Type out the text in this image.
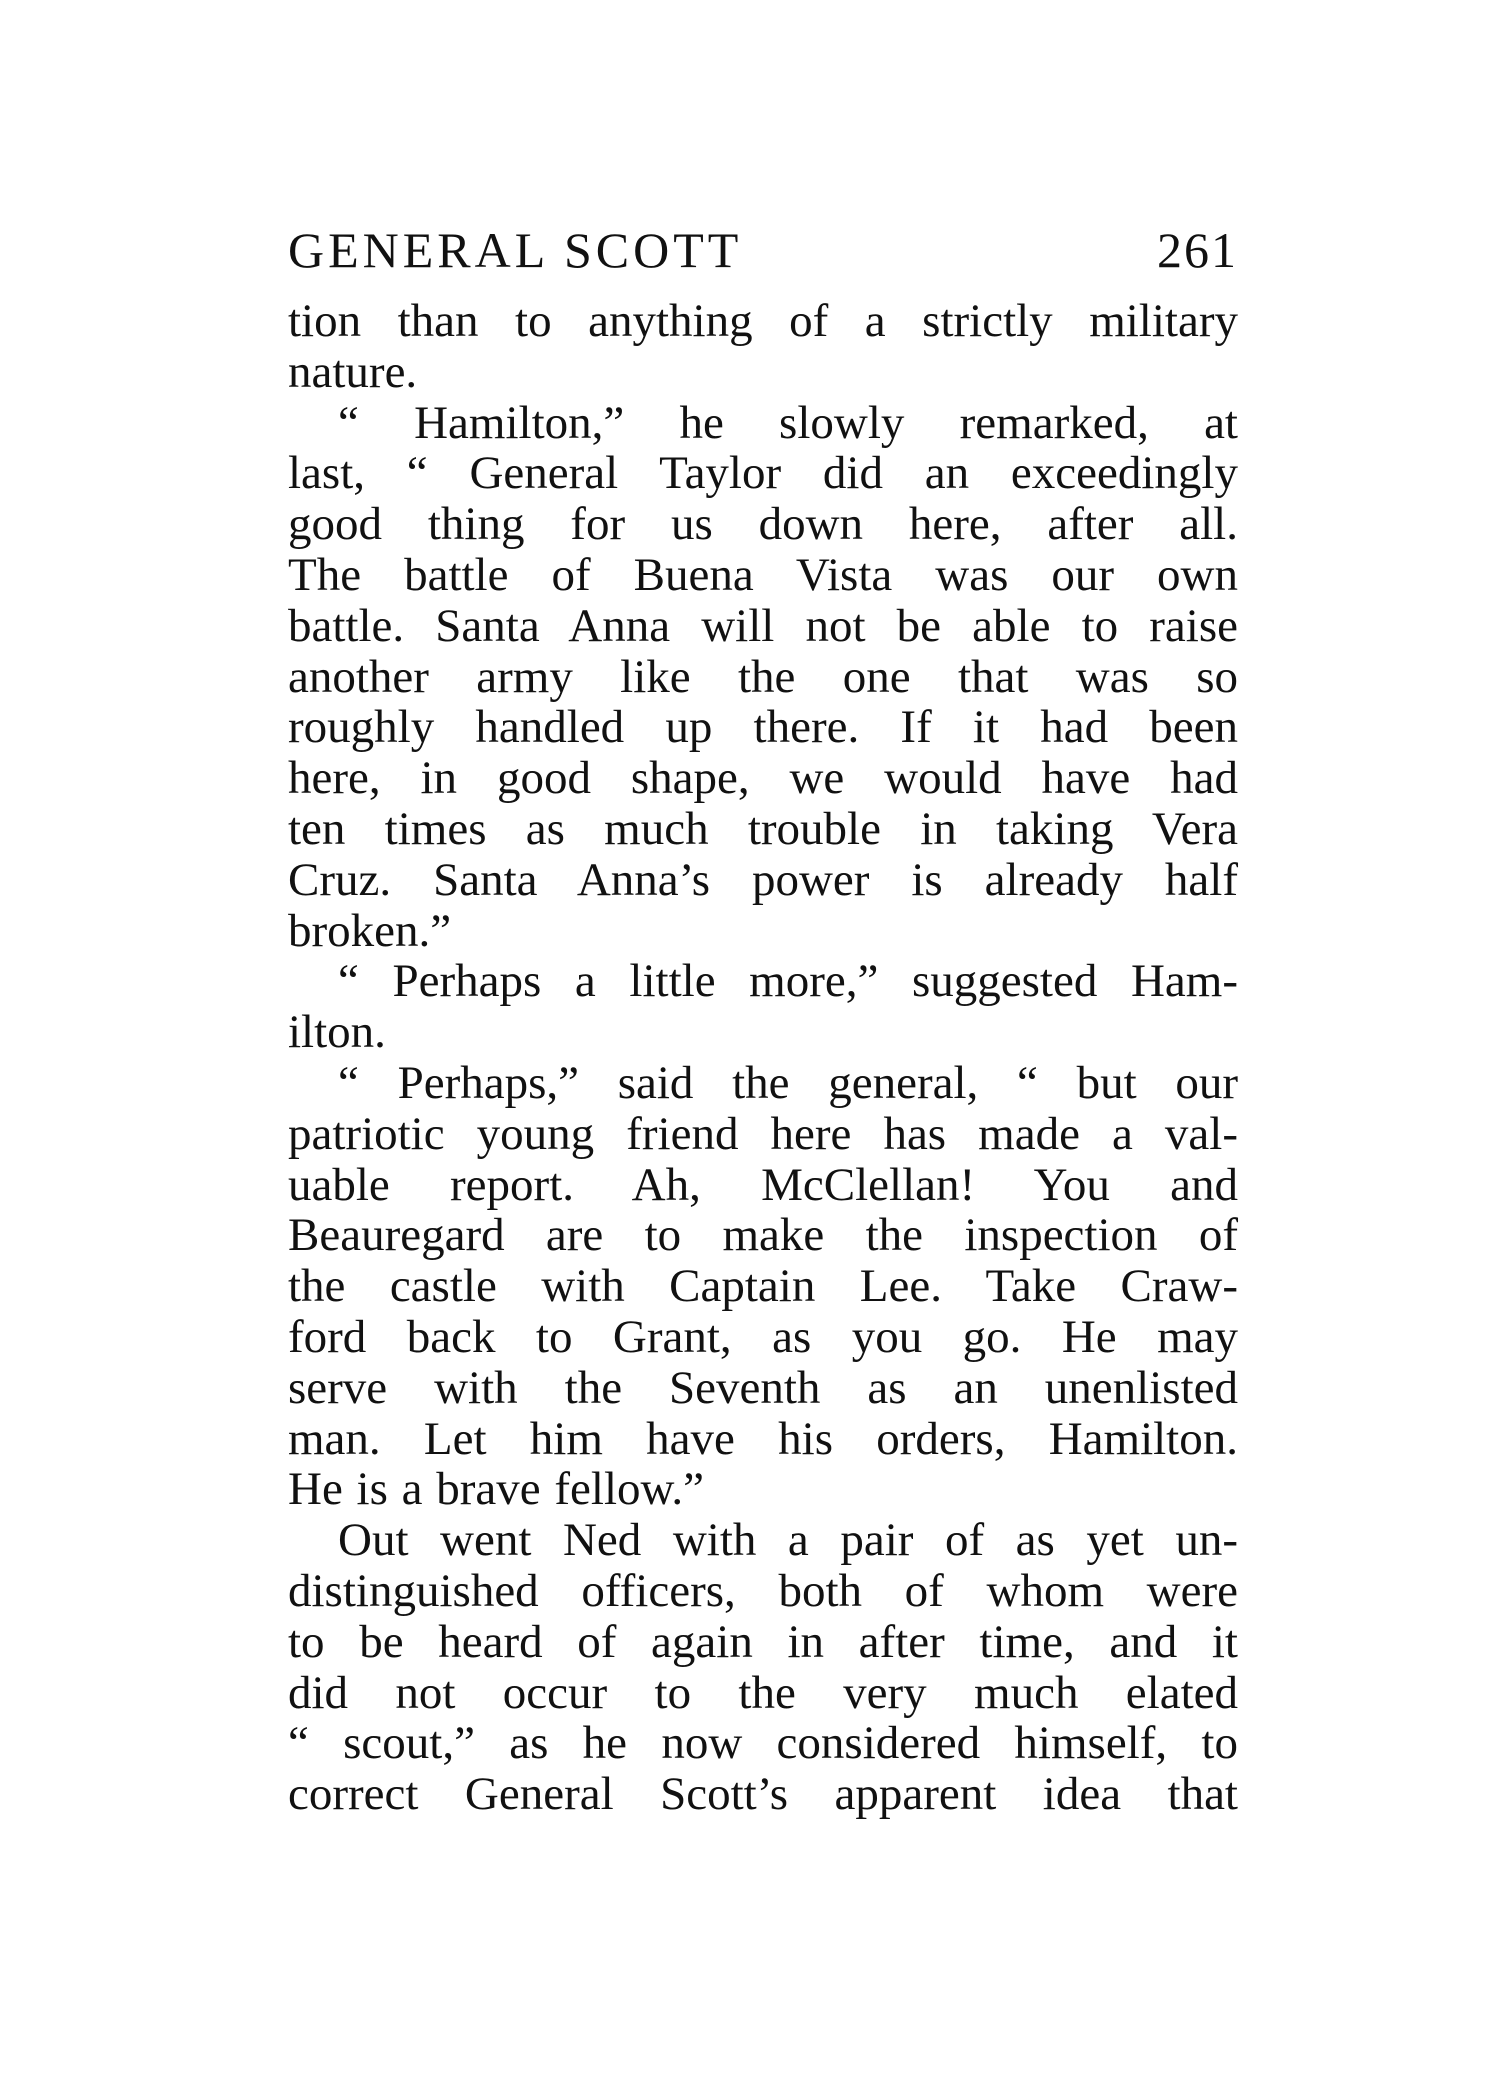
GENERAL SCOTT	261
tion than to anything of a strictly military
nature.
“ Hamilton,” he slowly remarked, at
last, “ General Taylor did an exceedingly
good thing for us down here, after all.
The battle of Buena Vista was our own
battle. Santa Anna will not be able to raise
another army like the one that was so
roughly handled up there. If it had been
here, in good shape, we would have had
ten times as much trouble in taking Vera
Cruz. Santa Anna’s power is already half
broken.”
“ Perhaps a little more,” suggested Ham-
ilton.
“ Perhaps,” said the general, “ but our
patriotic young friend here has made a val-
uable report. Ah, McClellan! You and
Beauregard are to make the inspection of
the castle with Captain Lee. Take Craw-
ford back to Grant, as you go. He may
serve with the Seventh as an unenlisted
man. Let him have his orders, Hamilton.
He is a brave fellow.”
Out went Ned with a pair of as yet un-
distinguished officers, both of whom were
to be heard of again in after time, and it
did not occur to the very much elated
“ scout,” as he now considered himself, to
correct General Scott’s apparent idea that
